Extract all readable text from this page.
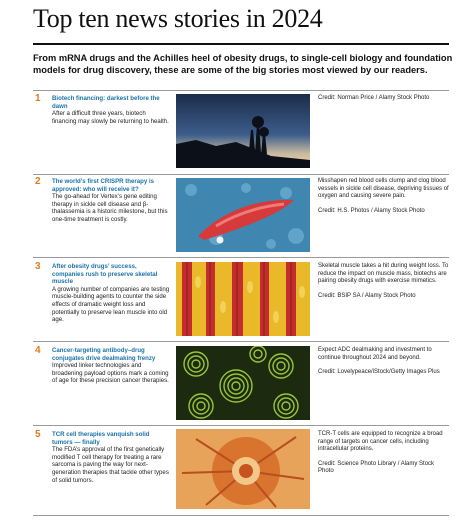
Top ten news stories in 2024
From mRNA drugs and the Achilles heel of obesity drugs, to single-cell biology and foundation models for drug discovery, these are some of the big stories most viewed by our readers.
1 Biotech financing: darkest before the dawn
After a difficult three years, biotech financing may slowly be returning to health.
Credit: Norman Price / Alamy Stock Photo
2 The world’s first CRISPR therapy is approved: who will receive it?
The go-ahead for Vertex’s gene editing therapy in sickle cell disease and β-thalassemia is a historic milestone, but this one-time treatment is costly.
Misshapen red blood cells clump and clog blood vessels in sickle cell disease, depriving tissues of oxygen and causing severe pain.
Credit: H.S. Photos / Alamy Stock Photo
3 After obesity drugs’ success, companies rush to preserve skeletal muscle
A growing number of companies are testing muscle-building agents to counter the side effects of dramatic weight loss and potentially to preserve lean muscle into old age.
Skeletal muscle takes a hit during weight loss. To reduce the impact on muscle mass, biotechs are pairing obesity drugs with exercise mimetics.
Credit: BSIP SA / Alamy Stock Photo
4 Cancer-targeting antibody–drug conjugates drive dealmaking frenzy
Improved linker technologies and broadening payload options mark a coming of age for these precision cancer therapies.
Expect ADC dealmaking and investment to continue throughout 2024 and beyond.
Credit: Lovelypeace/iStock/Getty Images Plus
5 TCR cell therapies vanquish solid tumors — finally
The FDA’s approval of the first genetically modified T cell therapy for treating a rare sarcoma is paving the way for next-generation therapies that tackle other types of solid tumors.
TCR-T cells are equipped to recognize a broad range of targets on cancer cells, including intracellular proteins.
Credit: Science Photo Library / Alamy Stock Photo
